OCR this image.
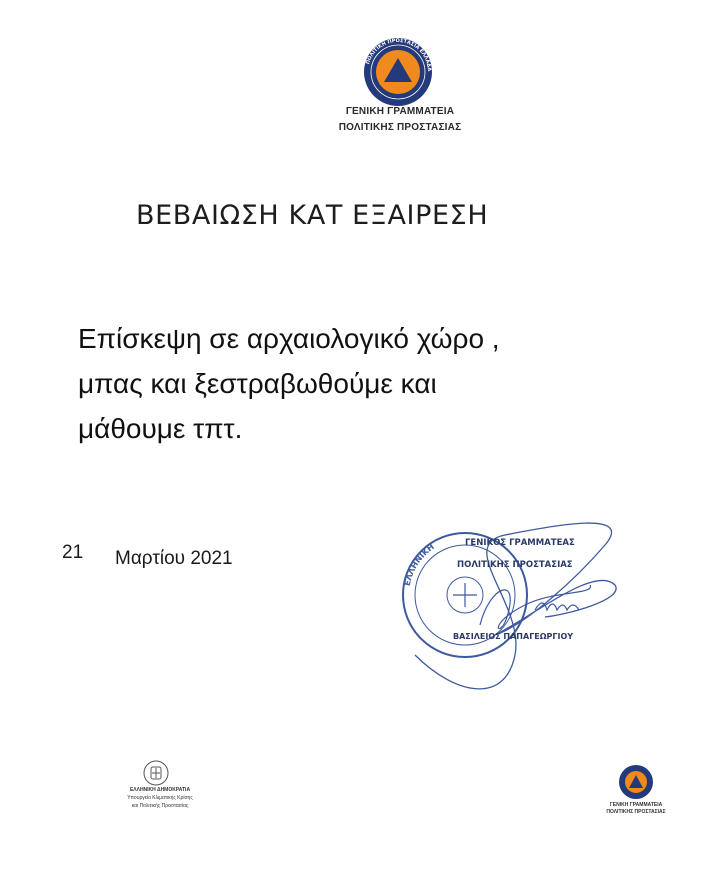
ΠΟΛΙΤΙΚΗ ΠΡΟΣΤΑΣΙΑ ΕΛΛΑΔΑ
ΓΕΝΙΚΗ ΓΡΑΜΜΑΤΕΙΑ
ΠΟΛΙΤΙΚΗΣ ΠΡΟΣΤΑΣΙΑΣ
ΒΕΒΑΙΩΣΗ ΚΑΤ ΕΞΑΙΡΕΣΗ
Επίσκεψη σε αρχαιολογικό χώρο ,
μπας και ξεστραβωθούμε και
μάθουμε τπτ.
21 Μαρτίου 2021
ΕΛΛΗΝΙΚΗ	ΓΕΝΙΚΟΣ ΓΡΑΜΜΑΤΕΑΣ
ΠΟΛΙΤΙΚΗΣ ΠΡΟΣΤΑΣΙΑΣ
ΒΑΣΙΛΕΙΟΣ ΠΑΠΑΓΕΩΡΓΙΟΥ
ΕΛΛΗΝΙΚΗ ΔΗΜΟΚΡΑΤΙΑ
Υπουργείο Κλιματικής Κρίσης
και Πολιτικής Προστασίας	ΓΕΝΙΚΗ ΓΡΑΜΜΑΤΕΙΑ
ΠΟΛΙΤΙΚΗΣ ΠΡΟΣΤΑΣΙΑΣ
